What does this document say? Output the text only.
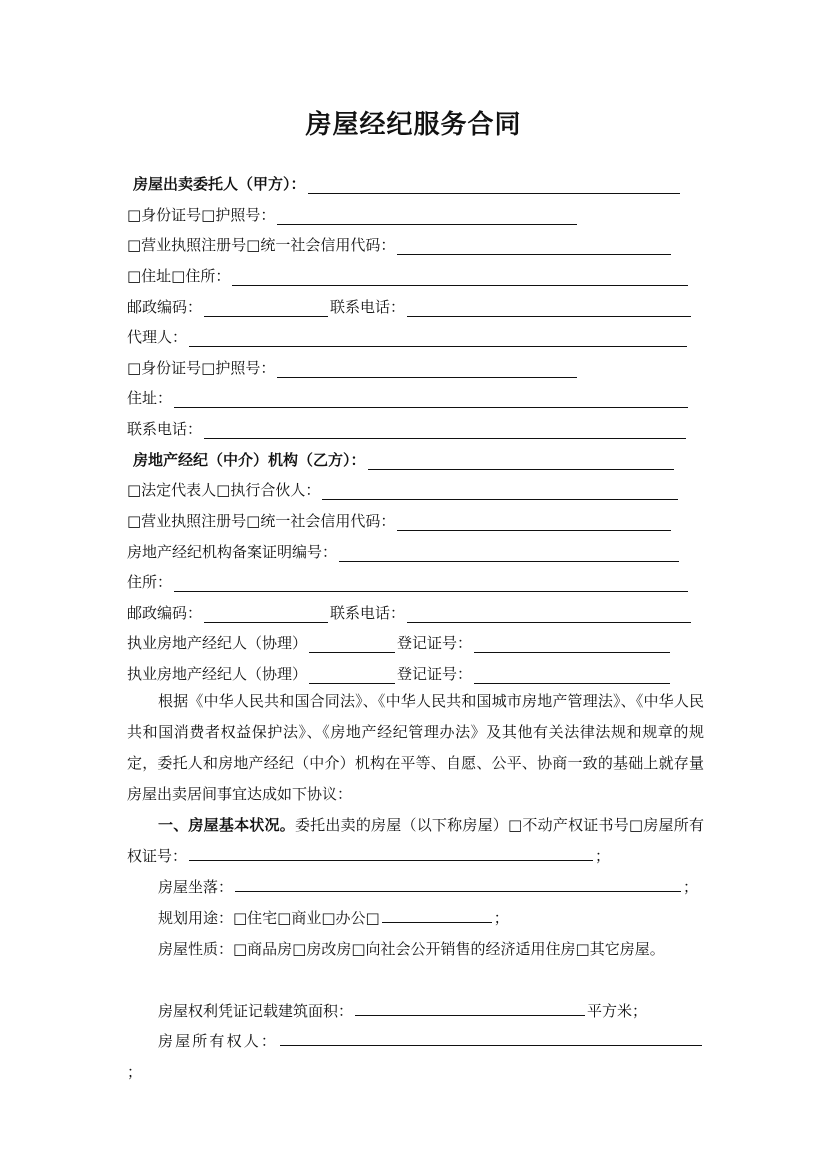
房屋经纪服务合同
房屋出卖委托人（甲方）：
□身份证号□护照号：
□营业执照注册号□统一社会信用代码：
□住址□住所：
邮政编码：	联系电话：
代理人：
□身份证号□护照号：
住址：
联系电话：
房地产经纪（中介）机构（乙方）：
□法定代表人□执行合伙人：
□营业执照注册号□统一社会信用代码：
房地产经纪机构备案证明编号：
住所：
邮政编码：	联系电话：
执业房地产经纪人（协理）	登记证号：
执业房地产经纪人（协理）	登记证号：
根据《中华人民共和国合同法》、《中华人民共和国城市房地产管理法》、《中华人民共和国消费者权益保护法》、《房地产经纪管理办法》及其他有关法律法规和规章的规定，委托人和房地产经纪（中介）机构在平等、自愿、公平、协商一致的基础上就存量房屋出卖居间事宜达成如下协议：
一、房屋基本状况。委托出卖的房屋（以下称房屋）□不动产权证书号□房屋所有权证号：	；
房屋坐落：	；
规划用途：□住宅□商业□办公□	；
房屋性质：□商品房□房改房□向社会公开销售的经济适用住房□其它房屋。
房屋权利凭证记载建筑面积：	平方米；
房屋所有权人：；
